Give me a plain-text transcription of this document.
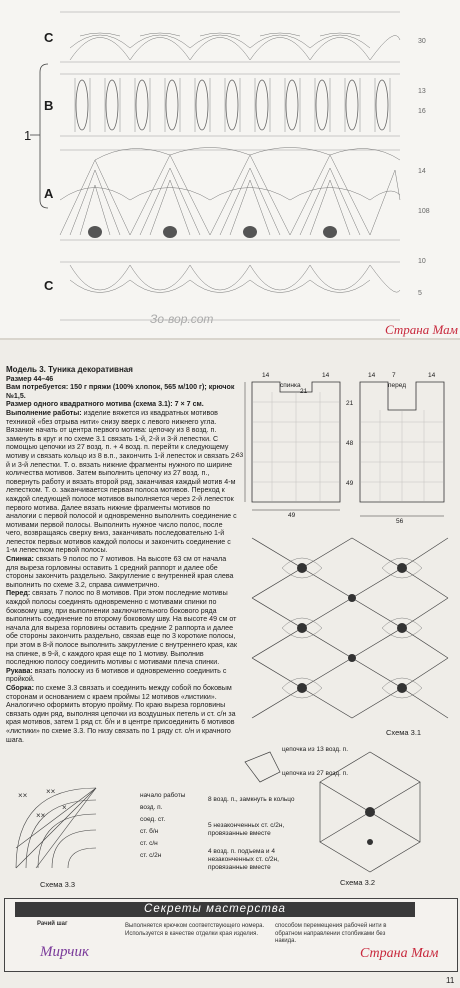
C
B
A
C
1
30
13
16
14
108
10
5
Зо-вор.com
Страна Мам

Модель 3. Туника декоративная

Размер 44–46

Вам потребуется: 150 г пряжи (100% хлопок, 565 м/100 г); крючок №1,5.

Размер одного квадратного мотива (схема 3.1): 7 × 7 см.

Выполнение работы: изделие вяжется из квадратных мотивов техникой «без отрыва нити» снизу вверх с левого нижнего угла. Вязание начать от центра первого мотива: цепочку из 8 возд. п. замкнуть в круг и по схеме 3.1 связать 1-й, 2-й и 3-й лепестки. С помощью цепочки из 27 возд. п. + 4 возд. п. перейти к следующему мотиву и связать кольцо из 8 в.п., закончить 1-й лепесток и связать 2-й и 3-й лепестки. Т. о. вязать нижние фрагменты нужного по ширине количества мотивов. Затем выполнить цепочку из 27 возд. п., повернуть работу и вязать второй ряд, заканчивая каждый мотив 4-м лепестком. Т. о. заканчивается первая полоса мотивов. Переход к каждой следующей полосе мотивов выполняется через 2-й лепесток первого мотива. Далее вязать нижние фрагменты мотивов по аналогии с первой полосой и одновременно выполнить соединение с мотивами первой полосы. Выполнить нужное число полос, после чего, возвращаясь сверху вниз, заканчивать последовательно 1-й лепесток первых мотивов каждой полосы и закончить соединение с 1-м лепестком первой полосы.

Спинка: связать 9 полос по 7 мотивов. На высоте 63 см от начала для выреза горловины оставить 1 средний раппорт и далее обе стороны закончить раздельно. Закругление с внутренней края слева выполнить по схеме 3.2, справа симметрично.

Перед: связать 7 полос по 8 мотивов. При этом последние мотивы каждой полосы соединять одновременно с мотивами спинки по боковому шву, при выполнении заключительного бокового ряда выполнить соединение по второму боковому шву. На высоте 49 см от начала для выреза горловины оставить средние 2 раппорта и далее обе стороны закончить раздельно, связав еще по 3 короткие полосы, при этом в 8-й полосе выполнить закругление с внутреннего края, как на спинке, в 9-й, с каждого края еще по 1 мотиву. Выполнив последнюю полосу соединить мотивы с мотивами плеча спинки.

Рукава: вязать полоску из 6 мотивов и одновременно соединить с пройкой.

Сборка: по схеме 3.3 связать и соединить между собой по боковым сторонам и основанием с краем проймы 12 мотивов «листики». Аналогично оформить вторую пройму. По краю выреза горловины связать один ряд, выполняя цепочки из воздушных петель и ст. с/н за края мотивов, затем 1 ряд ст. б/н и в центре присоединить 6 мотивов «листики» по схеме 3.3. По низу связать по 1 ряду ст. с/н и крачного шага.

спинка	перед
14
21
14
63
49
14	7	14
21
48
49
56
Схема 3.1
цепочка из 13 возд. п.
цепочка из 27 возд. п.
Схема 3.2
×× ××
××
×
Схема 3.3
начало работы
возд. п.
соед. ст.
ст. б/н
ст. с/н
ст. с/2н
8 возд. п., замкнуть в кольцо
5 незаконченных ст. с/2н, провязанные вместе
4 возд. п. подъема и 4 незаконченных ст. с/2н, провязанные вместе
Секреты мастерства
Рачий шаг	Выполняется крючком соответствующего номера. Используется в качестве отделки края изделия.
способом перемещения рабочей нити в обратном направлении столбиками без накида.
Мирчик	Страна Мам
11
